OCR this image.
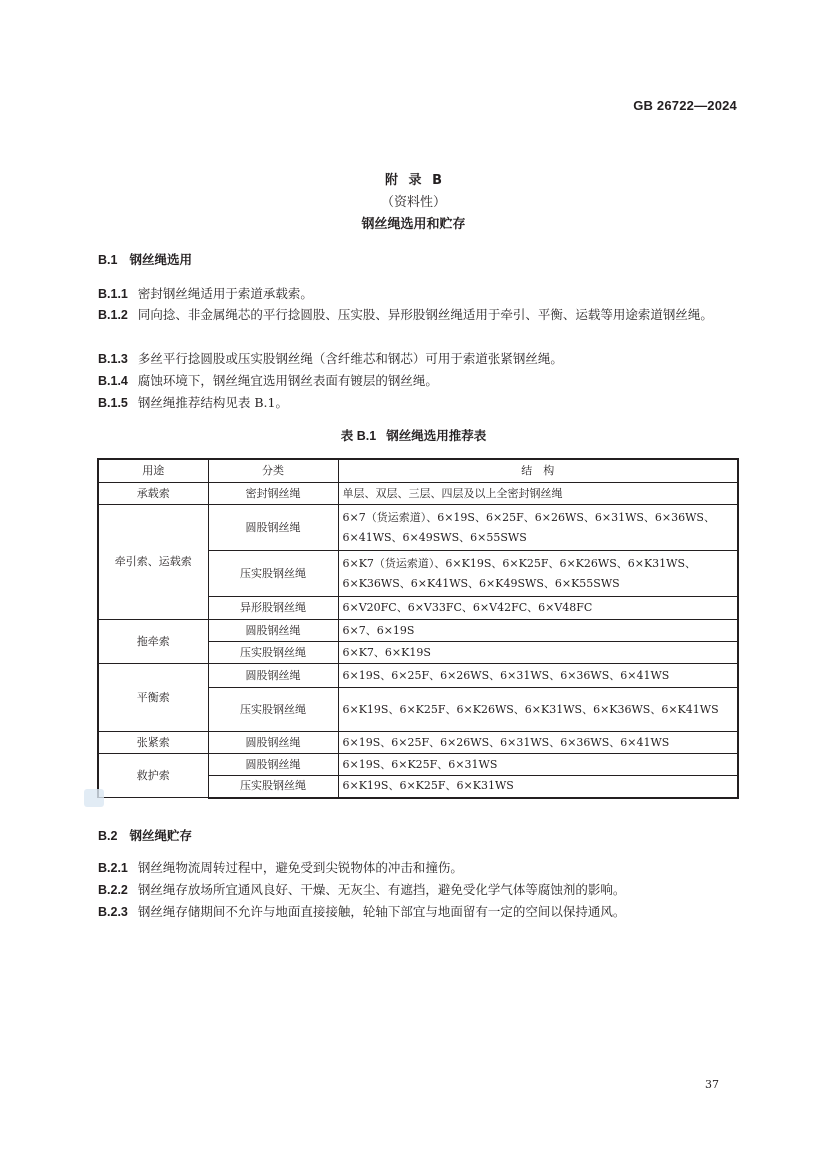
GB 26722—2024
附 录 B
（资料性）
钢丝绳选用和贮存
B.1 钢丝绳选用
B.1.1 密封钢丝绳适用于索道承载索。
B.1.2 同向捻、非金属绳芯的平行捻圆股、压实股、异形股钢丝绳适用于牵引、平衡、运载等用途索道钢丝绳。
B.1.3 多丝平行捻圆股或压实股钢丝绳（含纤维芯和钢芯）可用于索道张紧钢丝绳。
B.1.4 腐蚀环境下，钢丝绳宜选用钢丝表面有镀层的钢丝绳。
B.1.5 钢丝绳推荐结构见表 B.1。
表 B.1 钢丝绳选用推荐表
用途	分类	结　构
承载索	密封钢丝绳	单层、双层、三层、四层及以上全密封钢丝绳
牵引索、运载索	圆股钢丝绳	6×7（货运索道）、6×19S、6×25F、6×26WS、6×31WS、6×36WS、6×41WS、6×49SWS、6×55SWS
	压实股钢丝绳	6×K7（货运索道）、6×K19S、6×K25F、6×K26WS、6×K31WS、6×K36WS、6×K41WS、6×K49SWS、6×K55SWS
	异形股钢丝绳	6×V20FC、6×V33FC、6×V42FC、6×V48FC
拖牵索	圆股钢丝绳	6×7、6×19S
	压实股钢丝绳	6×K7、6×K19S
平衡索	圆股钢丝绳	6×19S、6×25F、6×26WS、6×31WS、6×36WS、6×41WS
	压实股钢丝绳	6×K19S、6×K25F、6×K26WS、6×K31WS、6×K36WS、6×K41WS
张紧索	圆股钢丝绳	6×19S、6×25F、6×26WS、6×31WS、6×36WS、6×41WS
救护索	圆股钢丝绳	6×19S、6×K25F、6×31WS
	压实股钢丝绳	6×K19S、6×K25F、6×K31WS
B.2 钢丝绳贮存
B.2.1 钢丝绳物流周转过程中，避免受到尖锐物体的冲击和撞伤。
B.2.2 钢丝绳存放场所宜通风良好、干燥、无灰尘、有遮挡，避免受化学气体等腐蚀剂的影响。
B.2.3 钢丝绳存储期间不允许与地面直接接触，轮轴下部宜与地面留有一定的空间以保持通风。
37
